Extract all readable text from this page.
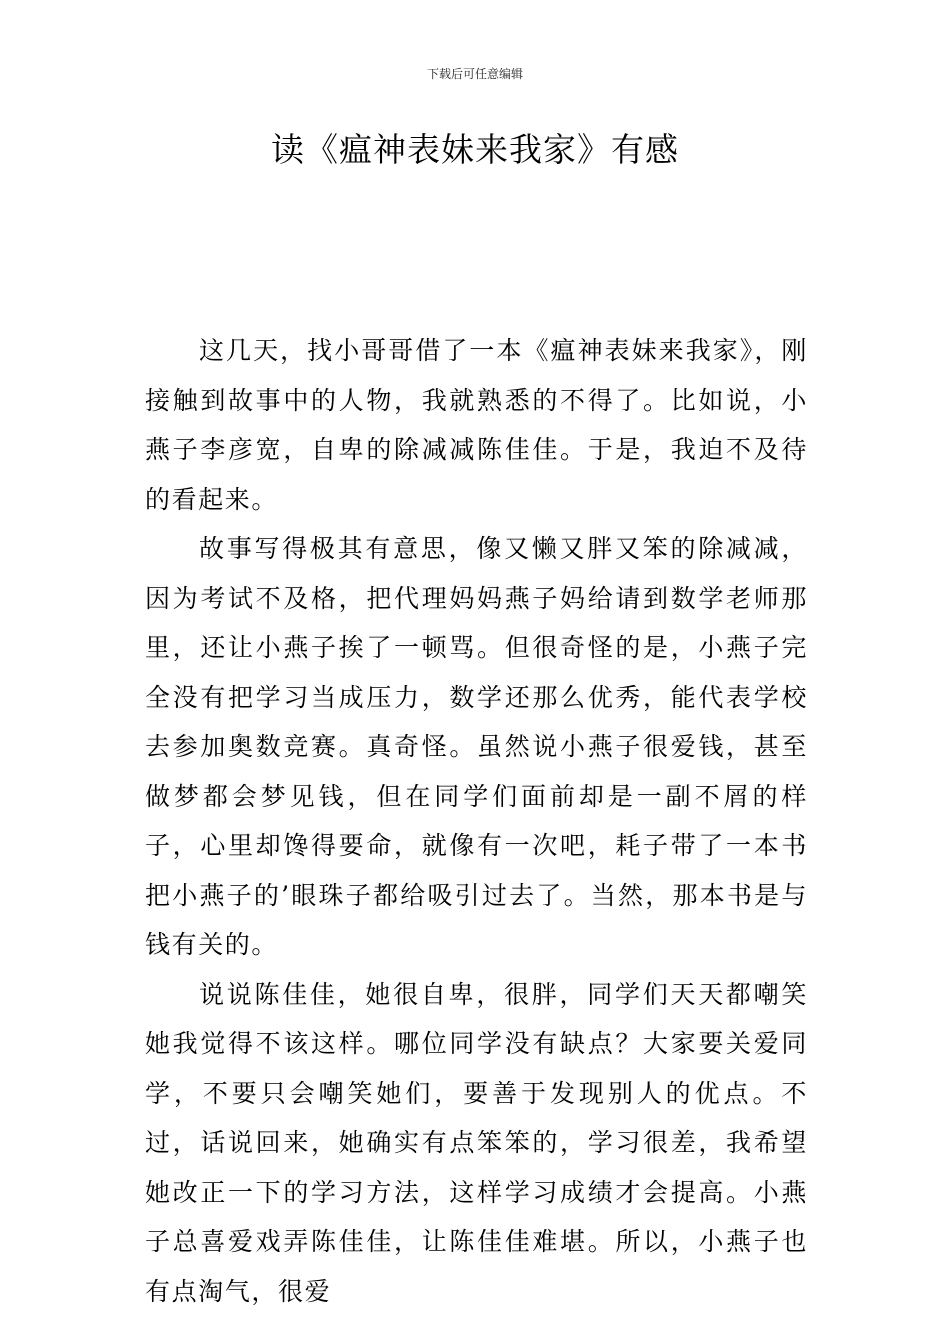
下载后可任意编辑
读《瘟神表妹来我家》有感

这几天，找小哥哥借了一本《瘟神表妹来我家》，刚接触到故事中的人物，我就熟悉的不得了。比如说，小燕子李彦宽，自卑的除减减陈佳佳。于是，我迫不及待的看起来。

故事写得极其有意思，像又懒又胖又笨的除减减，因为考试不及格，把代理妈妈燕子妈给请到数学老师那里，还让小燕子挨了一顿骂。但很奇怪的是，小燕子完全没有把学习当成压力，数学还那么优秀，能代表学校去参加奥数竞赛。真奇怪。虽然说小燕子很爱钱，甚至做梦都会梦见钱，但在同学们面前却是一副不屑的样子，心里却馋得要命，就像有一次吧，耗子带了一本书把小燕子的’眼珠子都给吸引过去了。当然，那本书是与钱有关的。

说说陈佳佳，她很自卑，很胖，同学们天天都嘲笑她我觉得不该这样。哪位同学没有缺点？大家要关爱同学，不要只会嘲笑她们，要善于发现别人的优点。不过，话说回来，她确实有点笨笨的，学习很差，我希望她改正一下的学习方法，这样学习成绩才会提高。小燕子总喜爱戏弄陈佳佳，让陈佳佳难堪。所以，小燕子也有点淘气，很爱
